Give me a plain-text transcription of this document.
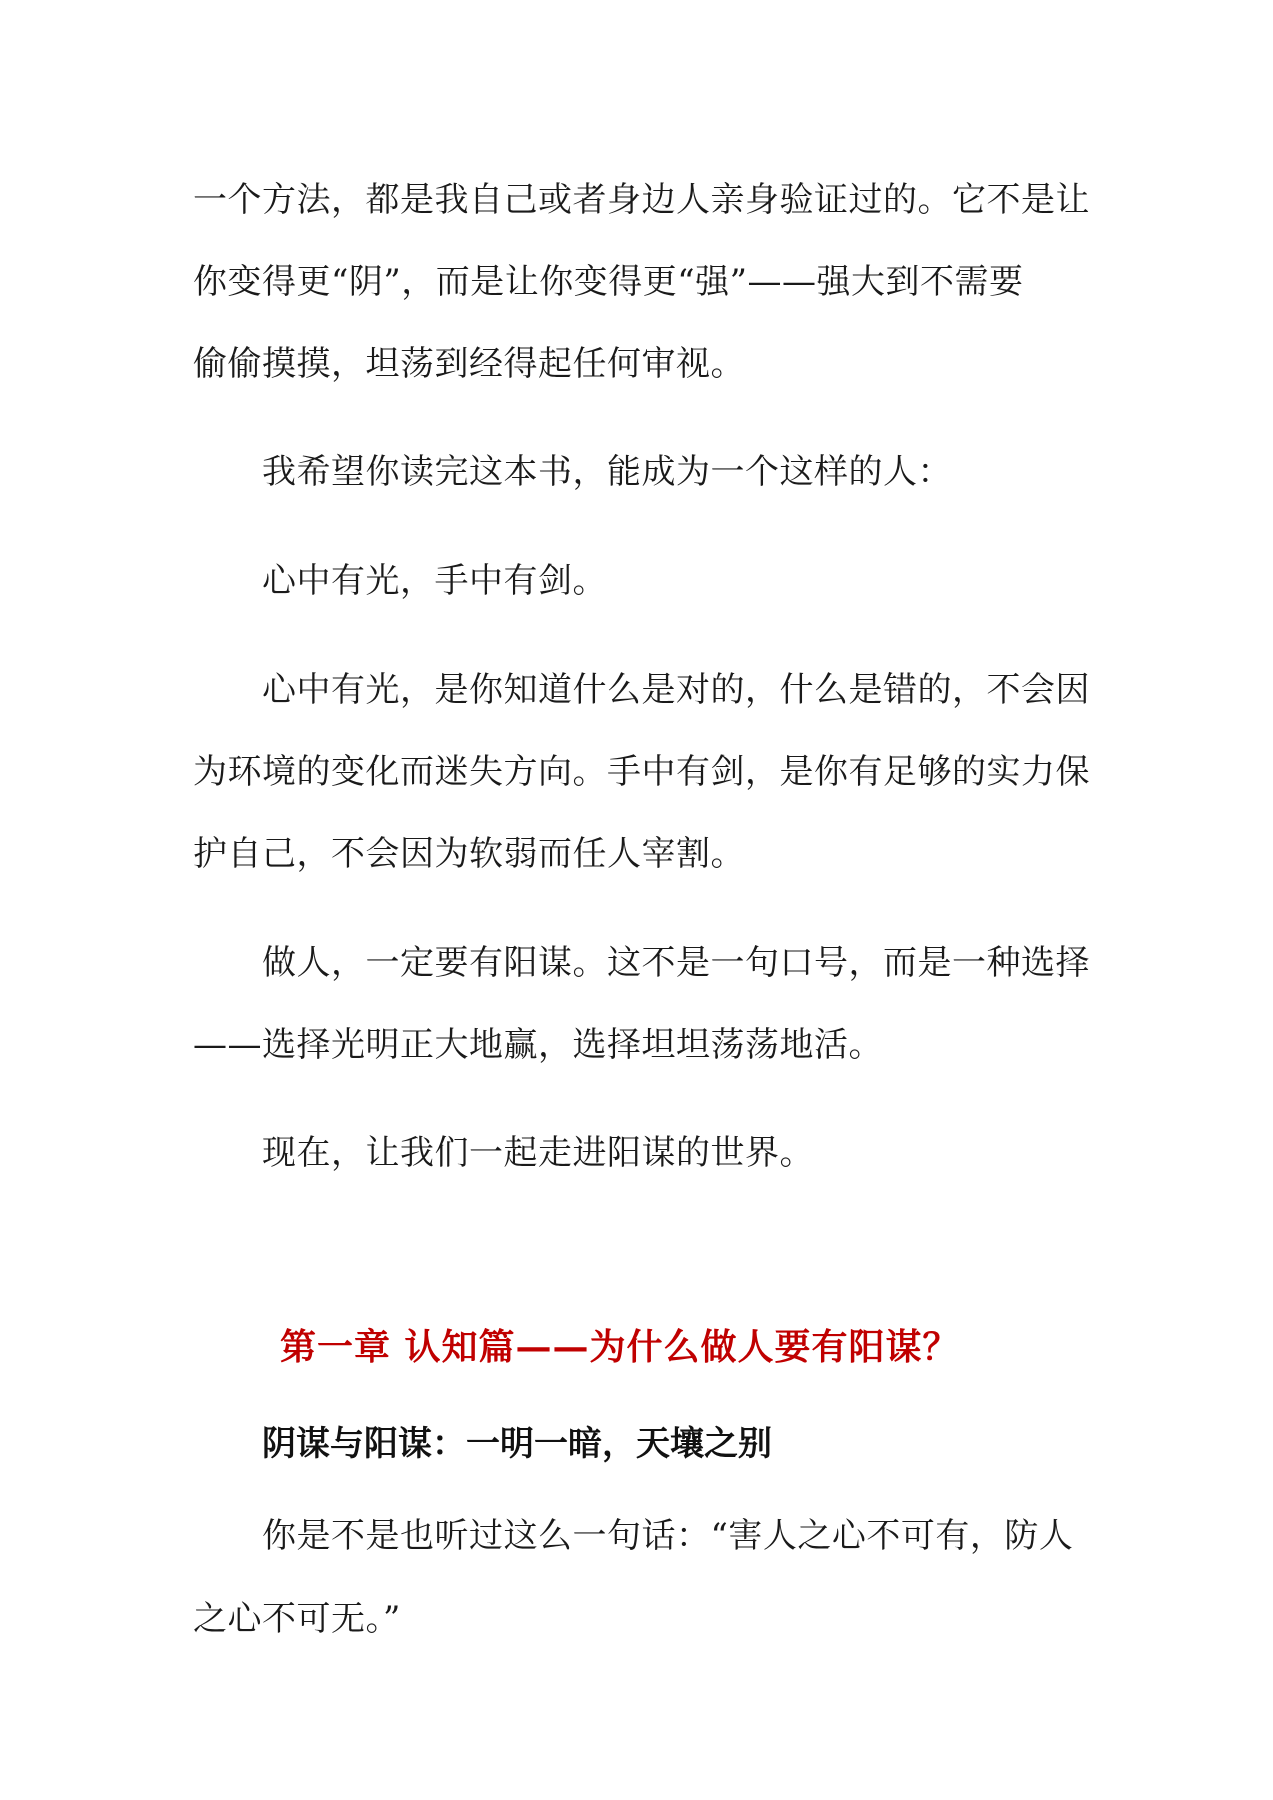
一个方法，都是我自己或者身边人亲身验证过的。它不是让
你变得更“阴”，而是让你变得更“强”——强大到不需要
偷偷摸摸，坦荡到经得起任何审视。
我希望你读完这本书，能成为一个这样的人：
心中有光，手中有剑。
心中有光，是你知道什么是对的，什么是错的，不会因
为环境的变化而迷失方向。手中有剑，是你有足够的实力保
护自己，不会因为软弱而任人宰割。
做人，一定要有阳谋。这不是一句口号，而是一种选择
——选择光明正大地赢，选择坦坦荡荡地活。
现在，让我们一起走进阳谋的世界。
第一章 认知篇——为什么做人要有阳谋？
阴谋与阳谋：一明一暗，天壤之别
你是不是也听过这么一句话：“害人之心不可有，防人
之心不可无。”
